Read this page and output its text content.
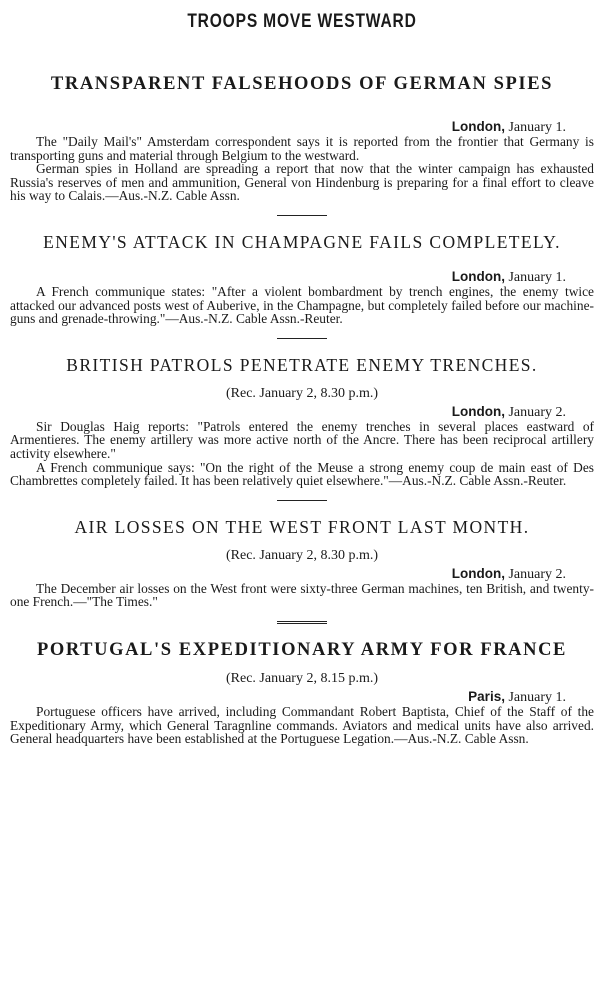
TROOPS MOVE WESTWARD
TRANSPARENT FALSEHOODS OF GERMAN SPIES
London, January 1.

The "Daily Mail's" Amsterdam correspondent says it is reported from the frontier that Germany is transporting guns and material through Belgium to the westward.

German spies in Holland are spreading a report that now that the winter campaign has exhausted Russia's reserves of men and ammunition, General von Hindenburg is preparing for a final effort to cleave his way to Calais.—Aus.-N.Z. Cable Assn.

ENEMY'S ATTACK IN CHAMPAGNE FAILS COMPLETELY.
London, January 1.

A French communique states: "After a violent bombardment by trench engines, the enemy twice attacked our advanced posts west of Auberive, in the Champagne, but completely failed before our machine-guns and grenade-throwing."—Aus.-N.Z. Cable Assn.-Reuter.

BRITISH PATROLS PENETRATE ENEMY TRENCHES.
(Rec. January 2, 8.30 p.m.)
London, January 2.

Sir Douglas Haig reports: "Patrols entered the enemy trenches in several places eastward of Armentieres. The enemy artillery was more active north of the Ancre. There has been reciprocal artillery activity elsewhere."

A French communique says: "On the right of the Meuse a strong enemy coup de main east of Des Chambrettes completely failed. It has been relatively quiet elsewhere."—Aus.-N.Z. Cable Assn.-Reuter.

AIR LOSSES ON THE WEST FRONT LAST MONTH.
(Rec. January 2, 8.30 p.m.)
London, January 2.

The December air losses on the West front were sixty-three German machines, ten British, and twenty-one French.—"The Times."

PORTUGAL'S EXPEDITIONARY ARMY FOR FRANCE
(Rec. January 2, 8.15 p.m.)
Paris, January 1.

Portuguese officers have arrived, including Commandant Robert Baptista, Chief of the Staff of the Expeditionary Army, which General Taragnline commands. Aviators and medical units have also arrived. General headquarters have been established at the Portuguese Legation.—Aus.-N.Z. Cable Assn.
